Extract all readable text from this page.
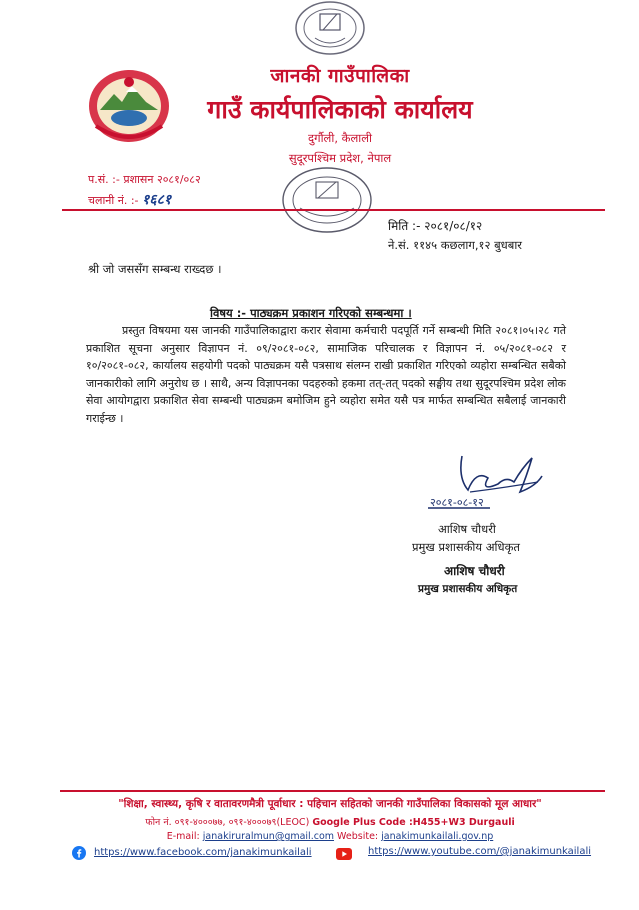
जानकी गाउँपालिका
गाउँ कार्यपालिकाको कार्यालय
दुर्गौली, कैलाली
सुदूरपश्चिम प्रदेश, नेपाल
प.सं. :- प्रशासन २०८१/०८२
चलानी नं. :- १६८१
मिति :- २०८१/०८/१२
ने.सं. ११४५ कछलाग,१२ बुधबार
श्री जो जससँग सम्बन्ध राख्दछ ।
विषय :- पाठ्यक्रम प्रकाशन गरिएको सम्बन्धमा ।
प्रस्तुत विषयमा यस जानकी गाउँपालिकाद्वारा करार सेवामा कर्मचारी पदपूर्ति गर्ने सम्बन्धी मिति २०८१।०५।२८ गते प्रकाशित सूचना अनुसार विज्ञापन नं. ०९/२०८१-०८२, सामाजिक परिचालक र विज्ञापन नं. ०५/२०८१-०८२ र १०/२०८१-०८२, कार्यालय सहयोगी पदको पाठ्यक्रम यसै पत्रसाथ संलग्न राखी प्रकाशित गरिएको व्यहोरा सम्बन्धित सबैको जानकारीको लागि अनुरोध छ । साथै, अन्य विज्ञापनका पदहरुको हकमा तत्-तत् पदको सङ्घीय तथा सुदूरपश्चिम प्रदेश लोक सेवा आयोगद्वारा प्रकाशित सेवा सम्बन्धी पाठ्यक्रम बमोजिम हुने व्यहोरा समेत यसै पत्र मार्फत सम्बन्धित सबैलाई जानकारी गराईन्छ ।
२०८१-०८-१२
आशिष चौधरी
प्रमुख प्रशासकीय अधिकृत
आशिष चौधरी
प्रमुख प्रशासकीय अधिकृत
"शिक्षा, स्वास्थ्य, कृषि र वातावरणमैत्री पूर्वाधार : पहिचान सहितको जानकी गाउँपालिका विकासको मूल आधार"
फोन नं. ०९१-४०००७७, ०९१-४०००७९(LEOC) Google Plus Code :H455+W3 Durgauli
E-mail: janakiruralmun@gmail.com Website: janakimunkailali.gov.np
https://www.facebook.com/janakimunkailali	https://www.youtube.com/@janakimunkailali
